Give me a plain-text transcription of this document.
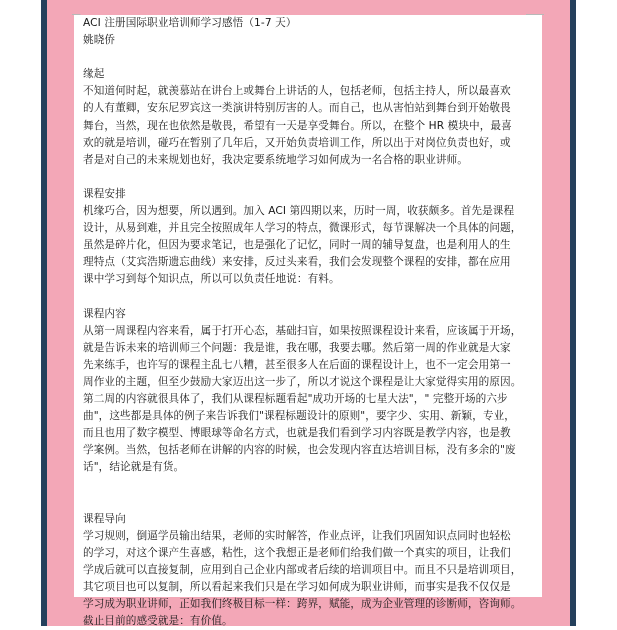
ACI 注册国际职业培训师学习感悟（1-7 天）
姚晓侨
缘起
不知道何时起，就羡慕站在讲台上或舞台上讲话的人，包括老师，包括主持人，所以最喜欢
的人有董卿，安东尼罗宾这一类演讲特别厉害的人。而自己，也从害怕站到舞台到开始敬畏
舞台，当然，现在也依然是敬畏，希望有一天是享受舞台。所以，在整个 HR 模块中，最喜
欢的就是培训，碰巧在暂别了几年后，又开始负责培训工作，所以出于对岗位负责也好，或
者是对自己的未来规划也好，我决定要系统地学习如何成为一名合格的职业讲师。
课程安排
机缘巧合，因为想要，所以遇到。加入 ACI 第四期以来，历时一周，收获颇多。首先是课程
设计，从易到难，并且完全按照成年人学习的特点，微课形式，每节课解决一个具体的问题，
虽然是碎片化，但因为要求笔记，也是强化了记忆，同时一周的辅导复盘，也是利用人的生
理特点（艾宾浩斯遗忘曲线）来安排，反过头来看，我们会发现整个课程的安排，都在应用
课中学习到每个知识点，所以可以负责任地说：有料。
课程内容
从第一周课程内容来看，属于打开心态，基础扫盲，如果按照课程设计来看，应该属于开场，
就是告诉未来的培训师三个问题：我是谁，我在哪，我要去哪。然后第一周的作业就是大家
先来练手，也许写的课程主乱七八糟，甚至很多人在后面的课程设计上，也不一定会用第一
周作业的主题，但至少鼓励大家迈出这一步了，所以才说这个课程是让大家觉得实用的原因。
第二周的内容就很具体了，我们从课程标题看起"成功开场的七星大法"，" 完整开场的六步
曲"，这些都是具体的例子来告诉我们"课程标题设计的原则"，要字少、实用、新颖，专业，
而且也用了数字模型、博眼球等命名方式，也就是我们看到学习内容既是教学内容，也是教
学案例。当然，包括老师在讲解的内容的时候，也会发现内容直达培训目标，没有多余的"废
话"，结论就是有货。
课程导向
学习规则，倒逼学员输出结果，老师的实时解答，作业点评，让我们巩固知识点同时也轻松
的学习，对这个课产生喜感，粘性，这个我想正是老师们给我们做一个真实的项目，让我们
学成后就可以直接复制，应用到自己企业内部或者后续的培训项目中。而且不只是培训项目，
其它项目也可以复制，所以看起来我们只是在学习如何成为职业讲师，而事实是我不仅仅是
学习成为职业讲师，正如我们终极目标一样：跨界，赋能，成为企业管理的诊断师，咨询师。
截止目前的感受就是：有价值。
